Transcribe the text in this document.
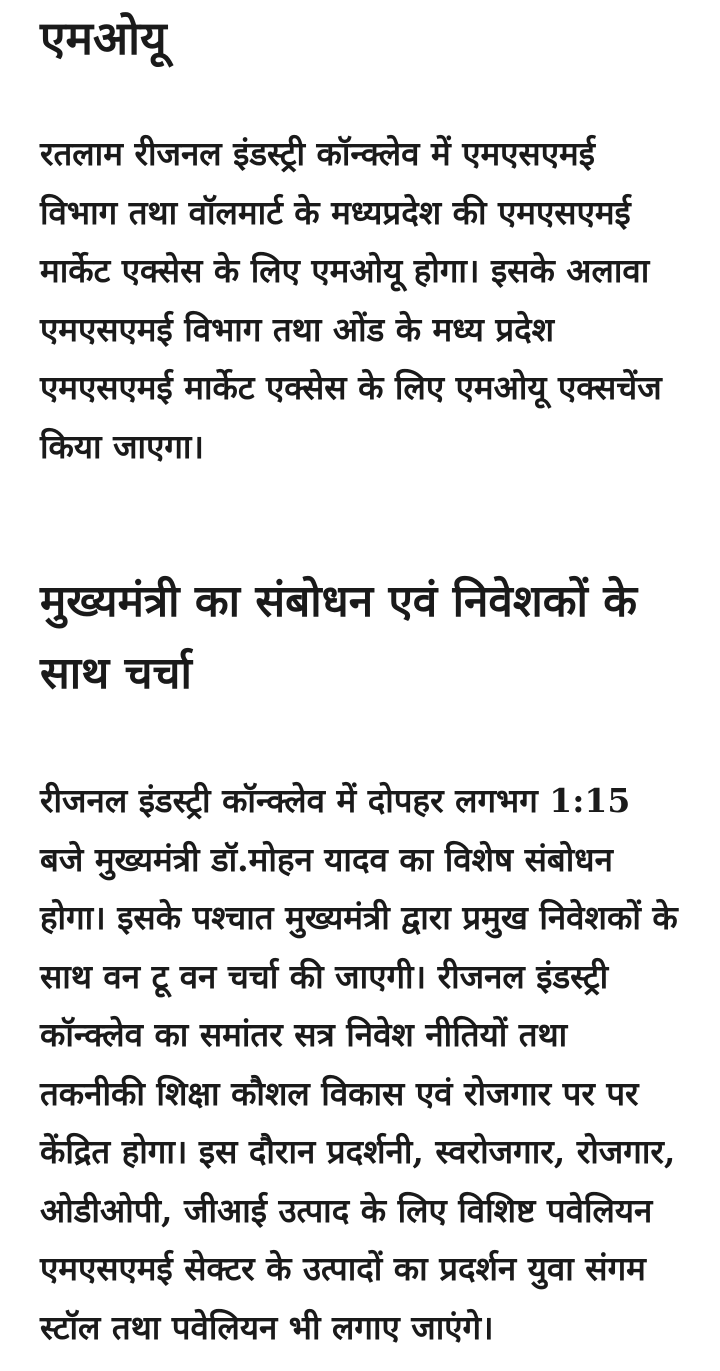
एमओयू

रतलाम रीजनल इंडस्ट्री कॉन्क्लेव में एमएसएमई विभाग तथा वॉलमार्ट के मध्यप्रदेश की एमएसएमई मार्केट एक्सेस के लिए एमओयू होगा। इसके अलावा एमएसएमई विभाग तथा ओंड के मध्य प्रदेश एमएसएमई मार्केट एक्सेस के लिए एमओयू एक्सचेंज किया जाएगा।

मुख्यमंत्री का संबोधन एवं निवेशकों के साथ चर्चा

रीजनल इंडस्ट्री कॉन्क्लेव में दोपहर लगभग 1:15 बजे मुख्यमंत्री डॉ.मोहन यादव का विशेष संबोधन होगा। इसके पश्चात मुख्यमंत्री द्वारा प्रमुख निवेशकों के साथ वन टू वन चर्चा की जाएगी। रीजनल इंडस्ट्री कॉन्क्लेव का समांतर सत्र निवेश नीतियों तथा तकनीकी शिक्षा कौशल विकास एवं रोजगार पर पर केंद्रित होगा। इस दौरान प्रदर्शनी, स्वरोजगार, रोजगार, ओडीओपी, जीआई उत्पाद के लिए विशिष्ट पवेलियन एमएसएमई सेक्टर के उत्पादों का प्रदर्शन युवा संगम स्टॉल तथा पवेलियन भी लगाए जाएंगे।
